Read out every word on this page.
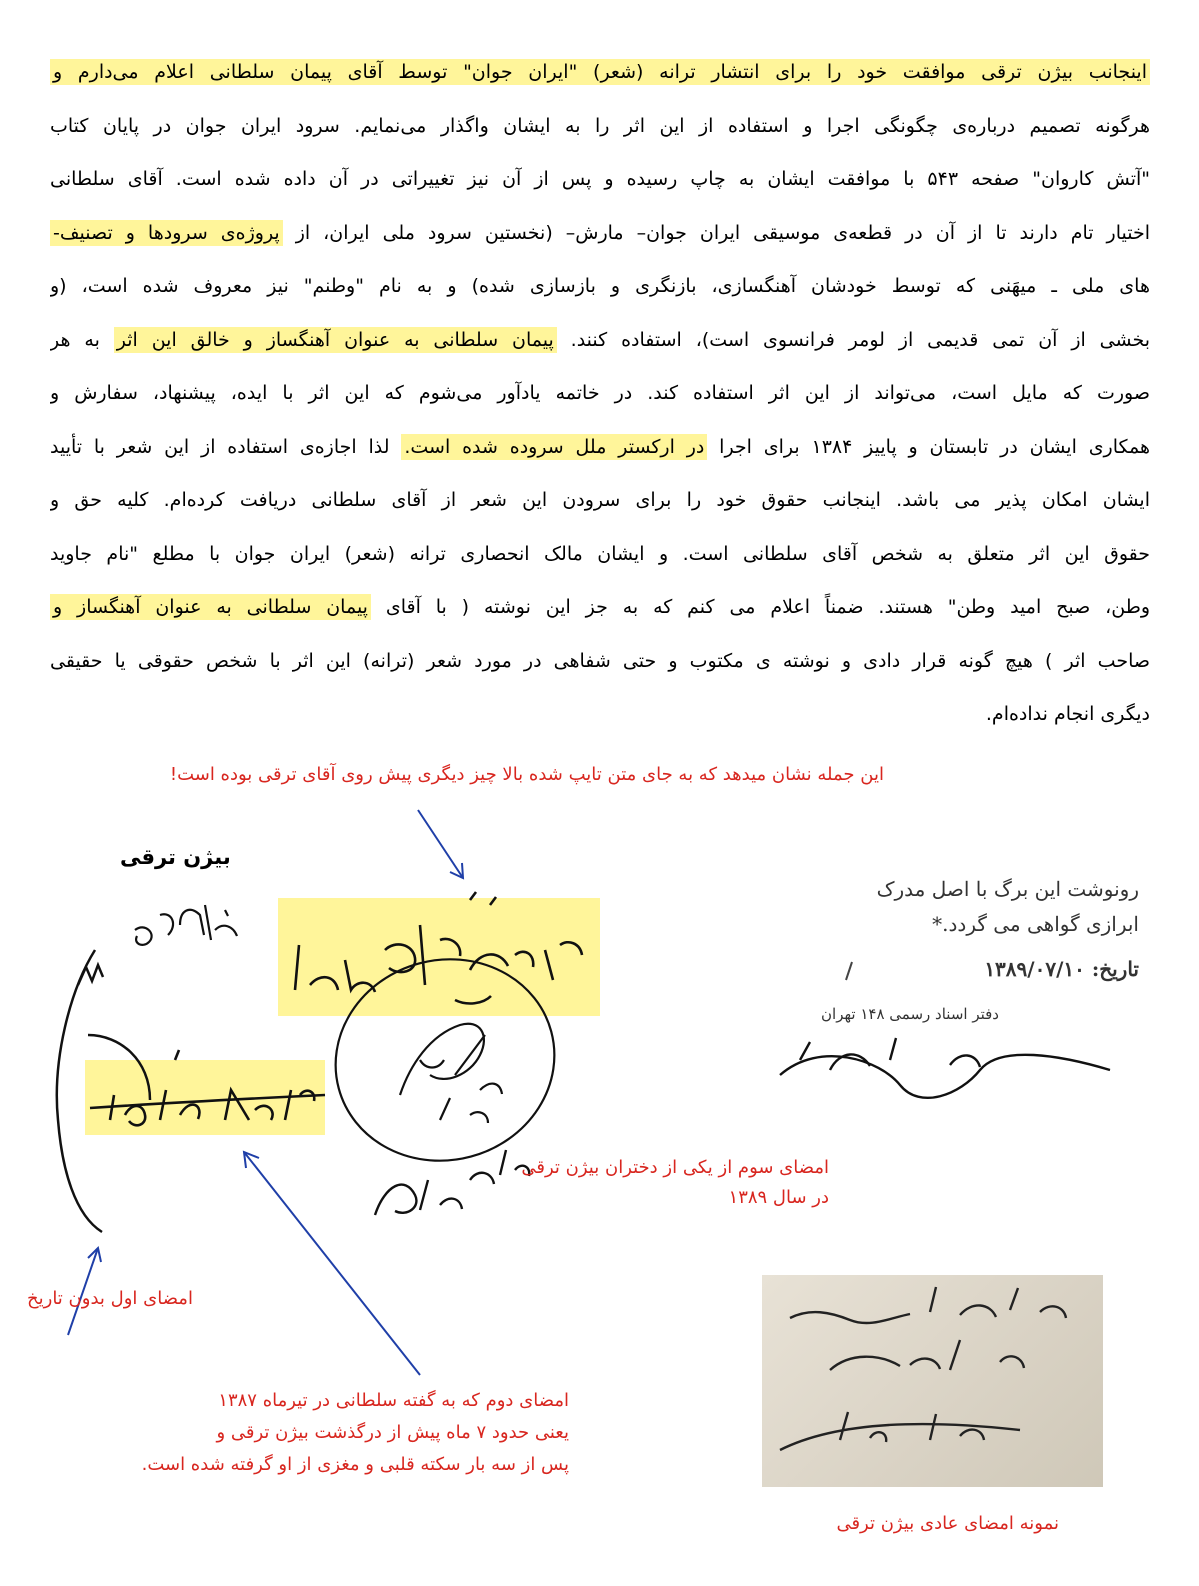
اینجانب بیژن ترقی موافقت خود را برای انتشار ترانه (شعر) "ایران جوان" توسط آقای پیمان سلطانی اعلام می‌دارم و
هرگونه تصمیم درباره‌ی چگونگی اجرا و استفاده از این اثر را به ایشان واگذار می‌نمایم. سرود ایران جوان در پایان کتاب
"آتش کاروان" صفحه ۵۴۳ با موافقت ایشان به چاپ رسیده و پس از آن نیز تغییراتی در آن داده شده است. آقای سلطانی
اختیار تام دارند تا از آن در قطعه‌ی موسیقی ایران جوان– مارش– (نخستین سرود ملی ایران، از پروژه‌ی سرودها و تصنیف-
های ملی ـ میهَنی که توسط خودشان آهنگسازی، بازنگری و بازسازی شده) و به نام "وطنم" نیز معروف شده است، (و
بخشی از آن تمی قدیمی از لومر فرانسوی است)، استفاده کنند. پیمان سلطانی به عنوان آهنگساز و خالق این اثر به هر
صورت که مایل است، می‌تواند از این اثر استفاده کند. در خاتمه یادآور می‌شوم که این اثر با ایده، پیشنهاد، سفارش و
همکاری ایشان در تابستان و پاییز ۱۳۸۴ برای اجرا در ارکستر ملل سروده شده است. لذا اجازه‌ی استفاده از این شعر با تأیید
ایشان امکان پذیر می باشد. اینجانب حقوق خود را برای سرودن این شعر از آقای سلطانی دریافت کرده‌ام. کلیه حق و
حقوق این اثر متعلق به شخص آقای سلطانی است. و ایشان مالک انحصاری ترانه (شعر) ایران جوان با مطلع "نام جاوید
وطن، صبح امید وطن" هستند. ضمناً اعلام می کنم که به جز این نوشته ( با آقای پیمان سلطانی به عنوان آهنگساز و
صاحب اثر ) هیچ گونه قرار دادی و نوشته ی مکتوب و حتی شفاهی در مورد شعر (ترانه) این اثر با شخص حقوقی یا حقیقی
دیگری انجام نداده‌ام.
این جمله نشان میدهد که به جای متن تایپ شده بالا چیز دیگری پیش روی آقای ترقی بوده است!
بیژن ترقی
رونوشت این برگ با اصل مدرک
ابرازی گواهی می گردد.*
تاریخ: ۱۳۸۹/۰۷/۱۰
دفتر اسناد رسمی ۱۴۸ تهران
امضای سوم از یکی از دختران بیژن ترقی
در سال ۱۳۸۹
امضای اول بدون تاریخ
امضای دوم که به گفته سلطانی در تیرماه ۱۳۸۷
یعنی حدود ۷ ماه پیش از درگذشت بیژن ترقی و
پس از سه بار سکته قلبی و مغزی از او گرفته شده است.
نمونه امضای عادی بیژن ترقی
